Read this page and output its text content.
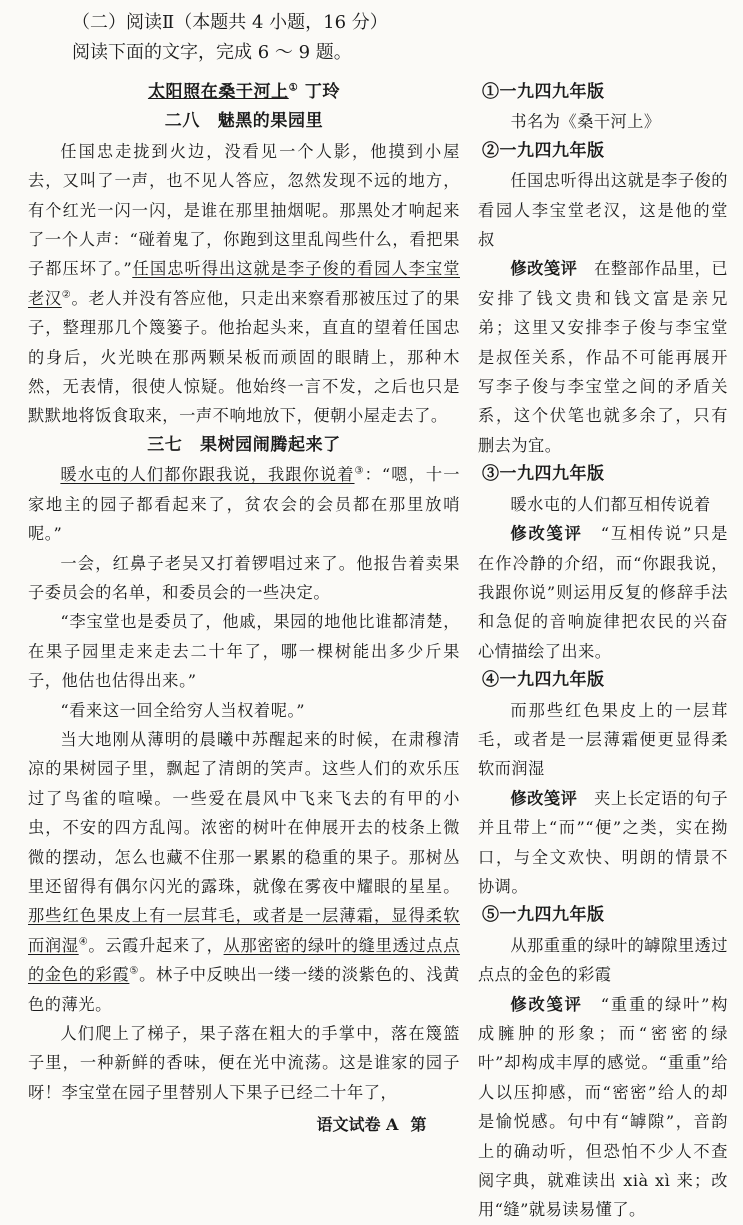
（二）阅读Ⅱ（本题共 4 小题，16 分）
阅读下面的文字，完成 6 ～ 9 题。
太阳照在桑干河上① 丁玲
二八　魅黑的果园里

任国忠走拢到火边，没看见一个人影，他摸到小屋去，又叫了一声，也不见人答应，忽然发现不远的地方，有个红光一闪一闪，是谁在那里抽烟呢。那黑处才响起来了一个人声：“碰着鬼了，你跑到这里乱闯些什么，看把果子都压坏了。”任国忠听得出这就是李子俊的看园人李宝堂老汉②。老人并没有答应他，只走出来察看那被压过了的果子，整理那几个篾篓子。他抬起头来，直直的望着任国忠的身后，火光映在那两颗呆板而顽固的眼睛上，那种木然，无表情，很使人惊疑。他始终一言不发，之后也只是默默地将饭食取来，一声不响地放下，便朝小屋走去了。

三七　果树园闹腾起来了

暖水屯的人们都你跟我说，我跟你说着③：“嗯，十一家地主的园子都看起来了，贫农会的会员都在那里放哨呢。”

一会，红鼻子老吴又打着锣唱过来了。他报告着卖果子委员会的名单，和委员会的一些决定。

“李宝堂也是委员了，他戚，果园的地他比谁都清楚，在果子园里走来走去二十年了，哪一棵树能出多少斤果子，他估也估得出来。”

“看来这一回全给穷人当权着呢。”

当大地刚从薄明的晨曦中苏醒起来的时候，在肃穆清凉的果树园子里，飘起了清朗的笑声。这些人们的欢乐压过了鸟雀的喧噪。一些爱在晨风中飞来飞去的有甲的小虫，不安的四方乱闯。浓密的树叶在伸展开去的枝条上微微的摆动，怎么也藏不住那一累累的稳重的果子。那树丛里还留得有偶尔闪光的露珠，就像在雾夜中耀眼的星星。那些红色果皮上有一层茸毛，或者是一层薄霜，显得柔软而润湿④。云霞升起来了，从那密密的绿叶的缝里透过点点的金色的彩霞⑤。林子中反映出一缕一缕的淡紫色的、浅黄色的薄光。

人们爬上了梯子，果子落在粗大的手掌中，落在篾篮子里，一种新鲜的香味，便在光中流荡。这是谁家的园子呀！李宝堂在园子里替别人下果子已经二十年了，

①一九四九年版

书名为《桑干河上》

②一九四九年版

任国忠听得出这就是李子俊的看园人李宝堂老汉，这是他的堂叔

修改笺评　 在整部作品里，已安排了钱文贵和钱文富是亲兄弟；这里又安排李子俊与李宝堂是叔侄关系，作品不可能再展开写李子俊与李宝堂之间的矛盾关系，这个伏笔也就多余了，只有删去为宜。

③一九四九年版

暖水屯的人们都互相传说着

修改笺评　 “互相传说”只是在作冷静的介绍，而“你跟我说，我跟你说”则运用反复的修辞手法和急促的音响旋律把农民的兴奋心情描绘了出来。

④一九四九年版

而那些红色果皮上的一层茸毛，或者是一层薄霜便更显得柔软而润湿

修改笺评　 夹上长定语的句子并且带上“而”“便”之类，实在拗口，与全文欢快、明朗的情景不协调。

⑤一九四九年版

从那重重的绿叶的罅隙里透过点点的金色的彩霞

修改笺评　 “重重的绿叶”构成臃肿的形象；而“密密的绿叶”却构成丰厚的感觉。“重重”给人以压抑感，而“密密”给人的却是愉悦感。句中有“罅隙”，音韵上的确动听，但恐怕不少人不查阅字典，就难读出 xià xì 来；改用“缝”就易读易懂了。

语文试卷 A 第
